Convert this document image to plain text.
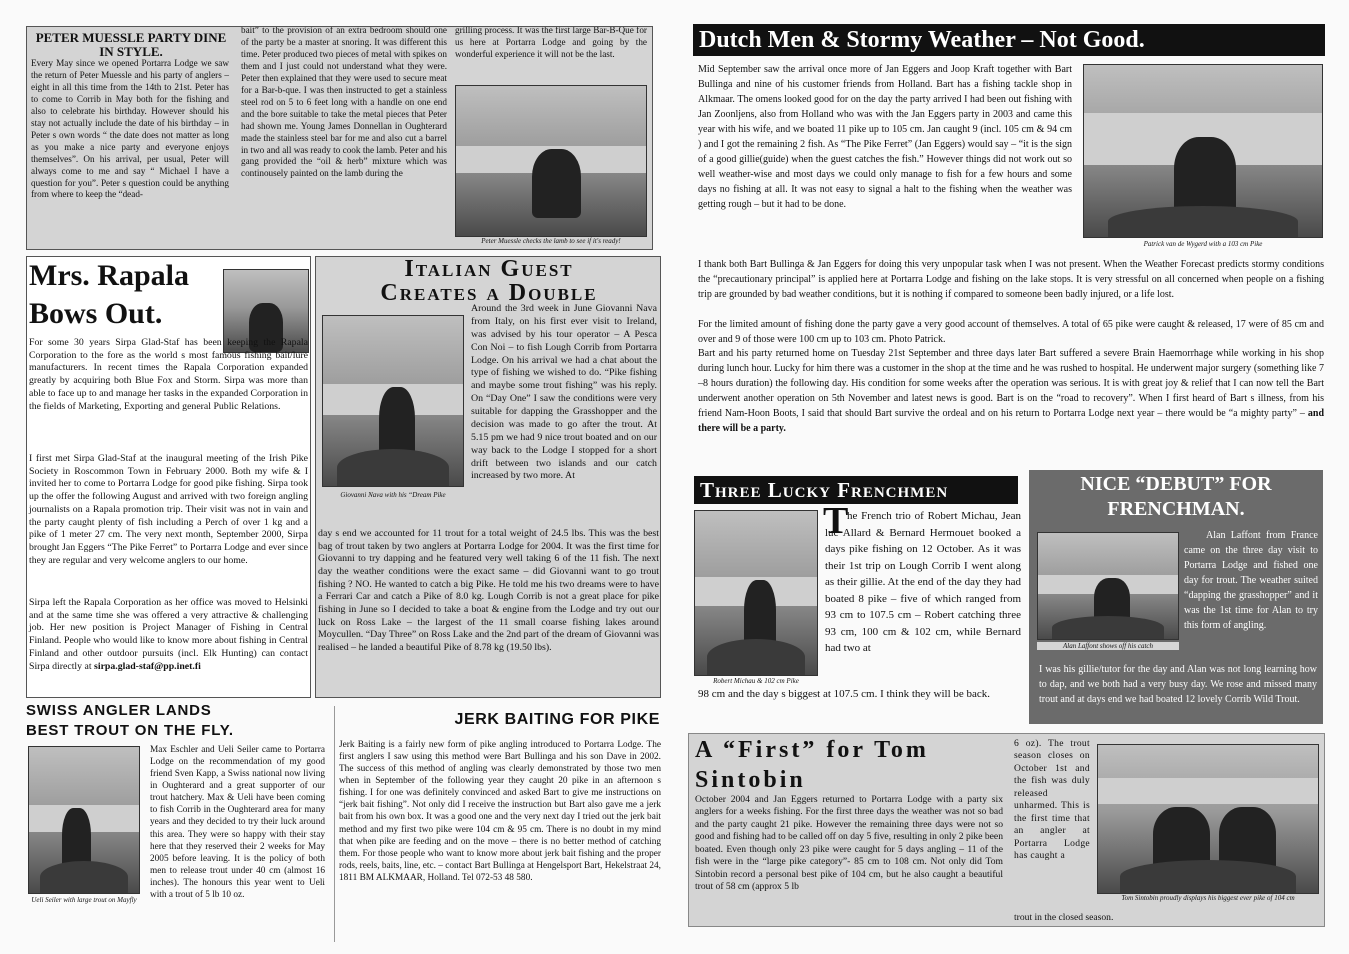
PETER MUESSLE PARTY DINE IN STYLE.
Every May since we opened Portarra Lodge we saw the return of Peter Muessle and his party of anglers – eight in all this time from the 14th to 21st. Peter has to come to Corrib in May both for the fishing and also to celebrate his birthday. However should his stay not actually include the date of his birthday – in Peter s own words “ the date does not matter as long as you make a nice party and everyone enjoys themselves”. On his arrival, per usual, Peter will always come to me and say “ Michael I have a question for you”. Peter s question could be anything from where to keep the “dead-
bait” to the provision of an extra bedroom should one of the party be a master at snoring. It was different this time. Peter produced two pieces of metal with spikes on them and I just could not understand what they were. Peter then explained that they were used to secure meat for a Bar-b-que. I was then instructed to get a stainless steel rod on 5 to 6 feet long with a handle on one end and the bore suitable to take the metal pieces that Peter had shown me. Young James Donnellan in Oughterard made the stainless steel bar for me and also cut a barrel in two and all was ready to cook the lamb. Peter and his gang provided the “oil & herb” mixture which was continousely painted on the lamb during the
grilling process. It was the first large Bar-B-Que for us here at Portarra Lodge and going by the wonderful experience it will not be the last.
Peter Muessle checks the lamb to see if it's ready!
Mrs. Rapala
Bows Out.
For some 30 years Sirpa Glad-Staf has been keeping the Rapala Corporation to the fore as the world s most famous fishing bait/lure manufacturers. In recent times the Rapala Corporation expanded greatly by acquiring both Blue Fox and Storm. Sirpa was more than able to face up to and manage her tasks in the expanded Corporation in the fields of Marketing, Exporting and general Public Relations.
I first met Sirpa Glad-Staf at the inaugural meeting of the Irish Pike Society in Roscommon Town in February 2000. Both my wife & I invited her to come to Portarra Lodge for good pike fishing. Sirpa took up the offer the following August and arrived with two foreign angling journalists on a Rapala promotion trip. Their visit was not in vain and the party caught plenty of fish including a Perch of over 1 kg and a pike of 1 meter 27 cm. The very next month, September 2000, Sirpa brought Jan Eggers “The Pike Ferret” to Portarra Lodge and ever since they are regular and very welcome anglers to our home.
Sirpa left the Rapala Corporation as her office was moved to Helsinki and at the same time she was offered a very attractive & challenging job. Her new position is Project Manager of Fishing in Central Finland. People who would like to know more about fishing in Central Finland and other outdoor pursuits (incl. Elk Hunting) can contact Sirpa directly at sirpa.glad-staf@pp.inet.fi
Italian Guest
Creates a Double
Giovanni Nava with his “Dream Pike
Around the 3rd week in June Giovanni Nava from Italy, on his first ever visit to Ireland, was advised by his tour operator – A Pesca Con Noi – to fish Lough Corrib from Portarra Lodge. On his arrival we had a chat about the type of fishing we wished to do. “Pike fishing and maybe some trout fishing” was his reply. On “Day One” I saw the conditions were very suitable for dapping the Grasshopper and the decision was made to go after the trout. At 5.15 pm we had 9 nice trout boated and on our way back to the Lodge I stopped for a short drift between two islands and our catch increased by two more. At
day s end we accounted for 11 trout for a total weight of 24.5 lbs. This was the best bag of trout taken by two anglers at Portarra Lodge for 2004. It was the first time for Giovanni to try dapping and he featured very well taking 6 of the 11 fish. The next day the weather conditions were the exact same – did Giovanni want to go trout fishing ? NO. He wanted to catch a big Pike. He told me his two dreams were to have a Ferrari Car and catch a Pike of 8.0 kg. Lough Corrib is not a great place for pike fishing in June so I decided to take a boat & engine from the Lodge and try out our luck on Ross Lake – the largest of the 11 small coarse fishing lakes around Moycullen. “Day Three” on Ross Lake and the 2nd part of the dream of Giovanni was realised – he landed a beautiful Pike of 8.78 kg (19.50 lbs).
SWISS ANGLER LANDS
BEST TROUT ON THE FLY.
Ueli Seiler with large trout on Mayfly
Max Eschler and Ueli Seiler came to Portarra Lodge on the recommendation of my good friend Sven Kapp, a Swiss national now living in Oughterard and a great supporter of our trout hatchery. Max & Ueli have been coming to fish Corrib in the Oughterard area for many years and they decided to try their luck around this area. They were so happy with their stay here that they reserved their 2 weeks for May 2005 before leaving. It is the policy of both men to release trout under 40 cm (almost 16 inches). The honours this year went to Ueli with a trout of 5 lb 10 oz.
JERK BAITING FOR PIKE
Jerk Baiting is a fairly new form of pike angling introduced to Portarra Lodge. The first anglers I saw using this method were Bart Bullinga and his son Dave in 2002. The success of this method of angling was clearly demonstrated by those two men when in September of the following year they caught 20 pike in an afternoon s fishing. I for one was definitely convinced and asked Bart to give me instructions on “jerk bait fishing”. Not only did I receive the instruction but Bart also gave me a jerk bait from his own box. It was a good one and the very next day I tried out the jerk bait method and my first two pike were 104 cm & 95 cm. There is no doubt in my mind that when pike are feeding and on the move – there is no better method of catching them. For those people who want to know more about jerk bait fishing and the proper rods, reels, baits, line, etc. – contact Bart Bullinga at Hengelsport Bart, Hekelstraat 24, 1811 BM ALKMAAR, Holland. Tel 072-53 48 580.
Dutch Men & Stormy Weather – Not Good.
Mid September saw the arrival once more of Jan Eggers and Joop Kraft together with Bart Bullinga and nine of his customer friends from Holland. Bart has a fishing tackle shop in Alkmaar. The omens looked good for on the day the party arrived I had been out fishing with Jan Zoonljens, also from Holland who was with the Jan Eggers party in 2003 and came this year with his wife, and we boated 11 pike up to 105 cm. Jan caught 9 (incl. 105 cm & 94 cm ) and I got the remaining 2 fish. As “The Pike Ferret” (Jan Eggers) would say – “it is the sign of a good gillie(guide) when the guest catches the fish.” However things did not work out so well weather-wise and most days we could only manage to fish for a few hours and some days no fishing at all. It was not easy to signal a halt to the fishing when the weather was getting rough – but it had to be done.
Patrick van de Wygerd with a 103 cm Pike
I thank both Bart Bullinga & Jan Eggers for doing this very unpopular task when I was not present. When the Weather Forecast predicts stormy conditions the “precautionary principal” is applied here at Portarra Lodge and fishing on the lake stops. It is very stressful on all concerned when people on a fishing trip are grounded by bad weather conditions, but it is nothing if compared to someone been badly injured, or a life lost.
For the limited amount of fishing done the party gave a very good account of themselves. A total of 65 pike were caught & released, 17 were of 85 cm and over and 9 of those were 100 cm up to 103 cm. Photo Patrick.
Bart and his party returned home on Tuesday 21st September and three days later Bart suffered a severe Brain Haemorrhage while working in his shop during lunch hour. Lucky for him there was a customer in the shop at the time and he was rushed to hospital. He underwent major surgery (something like 7 –8 hours duration) the following day. His condition for some weeks after the operation was serious. It is with great joy & relief that I can now tell the Bart underwent another operation on 5th November and latest news is good. Bart is on the “road to recovery”. When I first heard of Bart s illness, from his friend Nam-Hoon Boots, I said that should Bart survive the ordeal and on his return to Portarra Lodge next year – there would be “a mighty party” – and there will be a party.
Three Lucky Frenchmen
Robert Michau & 102 cm Pike
T
he French trio of Robert Michau, Jean luc Allard & Bernard Hermouet booked a days pike fishing on 12 October. As it was their 1st trip on Lough Corrib I went along as their gillie. At the end of the day they had boated 8 pike – five of which ranged from 93 cm to 107.5 cm – Robert catching three 93 cm, 100 cm & 102 cm, while Bernard had two at
98 cm and the day s biggest at 107.5 cm. I think they will be back.
NICE “DEBUT” FOR FRENCHMAN.
Alan Laffont shows off his catch
Alan Laffont from France came on the three day visit to Portarra Lodge and fished one day for trout. The weather suited “dapping the grasshopper” and it was the 1st time for Alan to try this form of angling.
I was his gillie/tutor for the day and Alan was not long learning how to dap, and we both had a very busy day. We rose and missed many trout and at days end we had boated 12 lovely Corrib Wild Trout.
A “First” for Tom
Sintobin
October 2004 and Jan Eggers returned to Portarra Lodge with a party six anglers for a weeks fishing. For the first three days the weather was not so bad and the party caught 21 pike. However the remaining three days were not so good and fishing had to be called off on day 5 five, resulting in only 2 pike been boated. Even though only 23 pike were caught for 5 days angling – 11 of the fish were in the “large pike category”- 85 cm to 108 cm. Not only did Tom Sintobin record a personal best pike of 104 cm, but he also caught a beautiful trout of 58 cm (approx 5 lb
6 oz). The trout season closes on October 1st and the fish was duly released unharmed. This is the first time that an angler at Portarra Lodge has caught a
trout in the closed season.
Tom Sintobin proudly displays his biggest ever pike of 104 cm
